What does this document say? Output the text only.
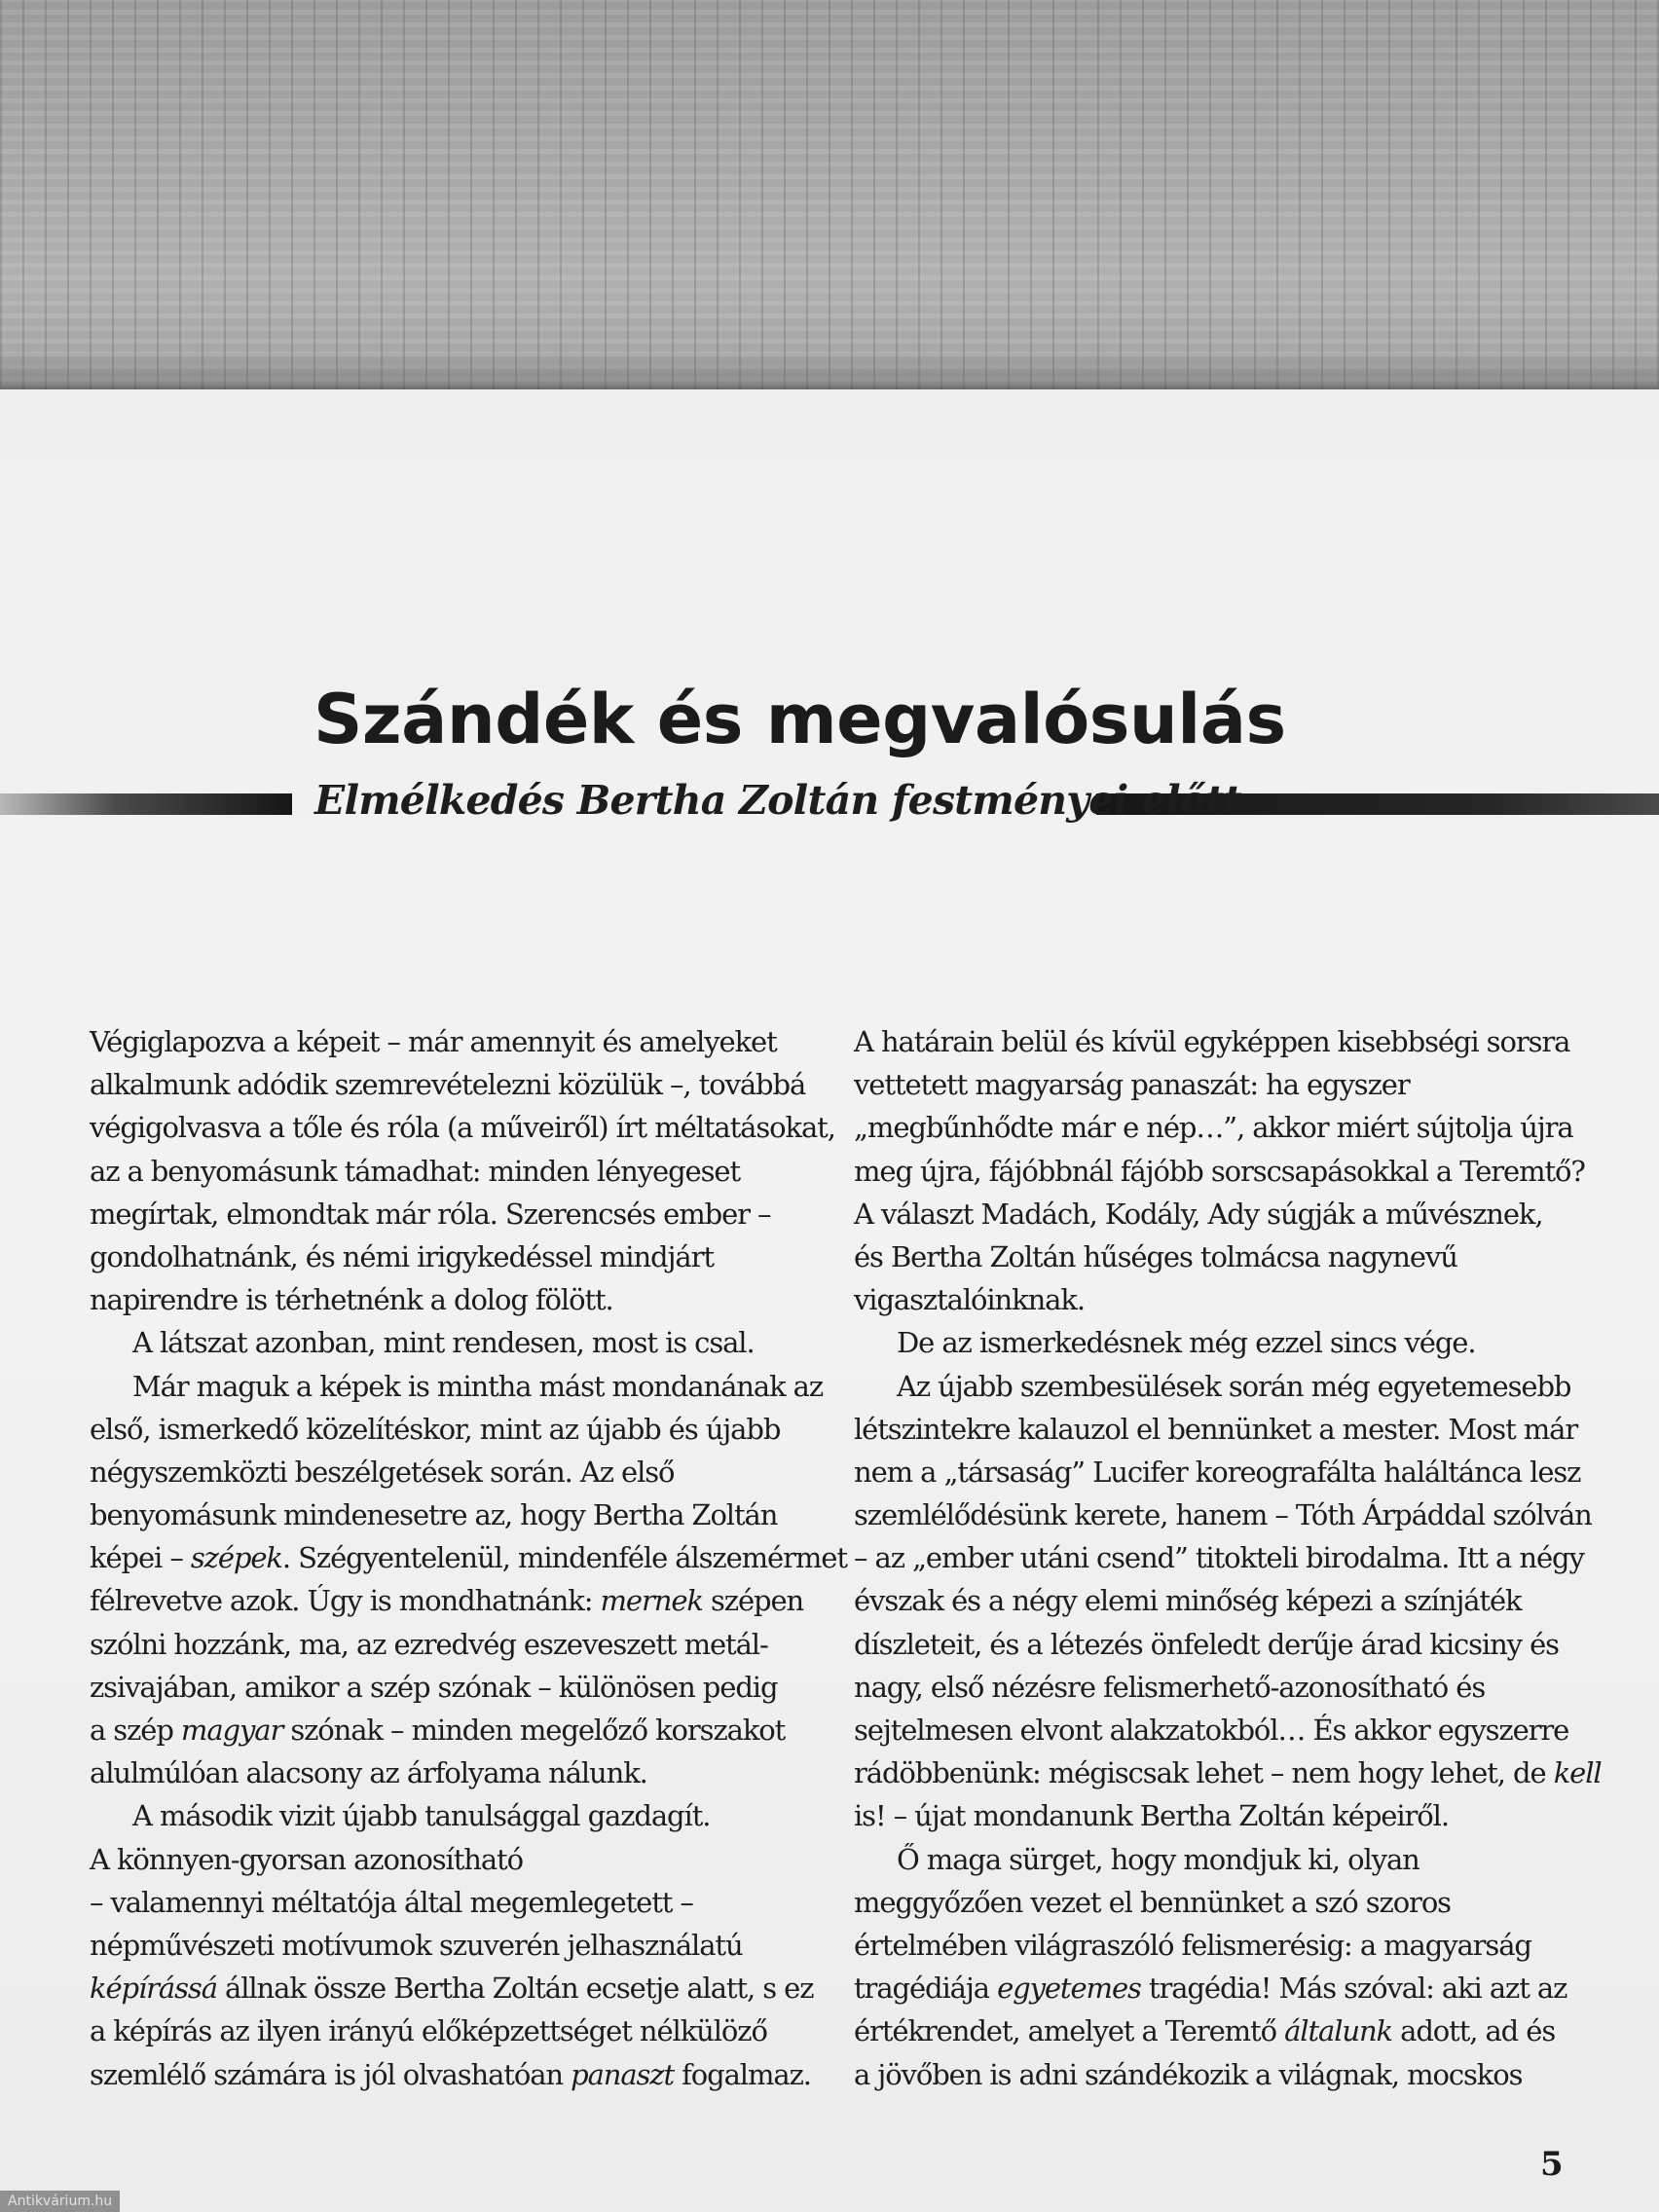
Szándék és megvalósulás
Elmélkedés Bertha Zoltán festményei előtt
Végiglapozva a képeit – már amennyit és amelyeket
alkalmunk adódik szemrevételezni közülük –, továbbá
végigolvasva a tőle és róla (a műveiről) írt méltatásokat,
az a benyomásunk támadhat: minden lényegeset
megírtak, elmondtak már róla. Szerencsés ember –
gondolhatnánk, és némi irigykedéssel mindjárt
napirendre is térhetnénk a dolog fölött.
A látszat azonban, mint rendesen, most is csal.
Már maguk a képek is mintha mást mondanának az
első, ismerkedő közelítéskor, mint az újabb és újabb
négyszemközti beszélgetések során. Az első
benyomásunk mindenesetre az, hogy Bertha Zoltán
képei – szépek. Szégyentelenül, mindenféle álszemérmet
félrevetve azok. Úgy is mondhatnánk: mernek szépen
szólni hozzánk, ma, az ezredvég eszeveszett metál-
zsivajában, amikor a szép szónak – különösen pedig
a szép magyar szónak – minden megelőző korszakot
alulmúlóan alacsony az árfolyama nálunk.
A második vizit újabb tanulsággal gazdagít.
A könnyen-gyorsan azonosítható
– valamennyi méltatója által megemlegetett –
népművészeti motívumok szuverén jelhasználatú
képírássá állnak össze Bertha Zoltán ecsetje alatt, s ez
a képírás az ilyen irányú előképzettséget nélkülöző
szemlélő számára is jól olvashatóan panaszt fogalmaz.
A határain belül és kívül egyképpen kisebbségi sorsra
vettetett magyarság panaszát: ha egyszer
„megbűnhődte már e nép…”, akkor miért sújtolja újra
meg újra, fájóbbnál fájóbb sorscsapásokkal a Teremtő?
A választ Madách, Kodály, Ady súgják a művésznek,
és Bertha Zoltán hűséges tolmácsa nagynevű
vigasztalóinknak.
De az ismerkedésnek még ezzel sincs vége.
Az újabb szembesülések során még egyetemesebb
létszintekre kalauzol el bennünket a mester. Most már
nem a „társaság” Lucifer koreografálta haláltánca lesz
szemlélődésünk kerete, hanem – Tóth Árpáddal szólván
– az „ember utáni csend” titokteli birodalma. Itt a négy
évszak és a négy elemi minőség képezi a színjáték
díszleteit, és a létezés önfeledt derűje árad kicsiny és
nagy, első nézésre felismerhető-azonosítható és
sejtelmesen elvont alakzatokból… És akkor egyszerre
rádöbbenünk: mégiscsak lehet – nem hogy lehet, de kell
is! – újat mondanunk Bertha Zoltán képeiről.
Ő maga sürget, hogy mondjuk ki, olyan
meggyőzően vezet el bennünket a szó szoros
értelmében világraszóló felismerésig: a magyarság
tragédiája egyetemes tragédia! Más szóval: aki azt az
értékrendet, amelyet a Teremtő általunk adott, ad és
a jövőben is adni szándékozik a világnak, mocskos
5
Antikvárium.hu
